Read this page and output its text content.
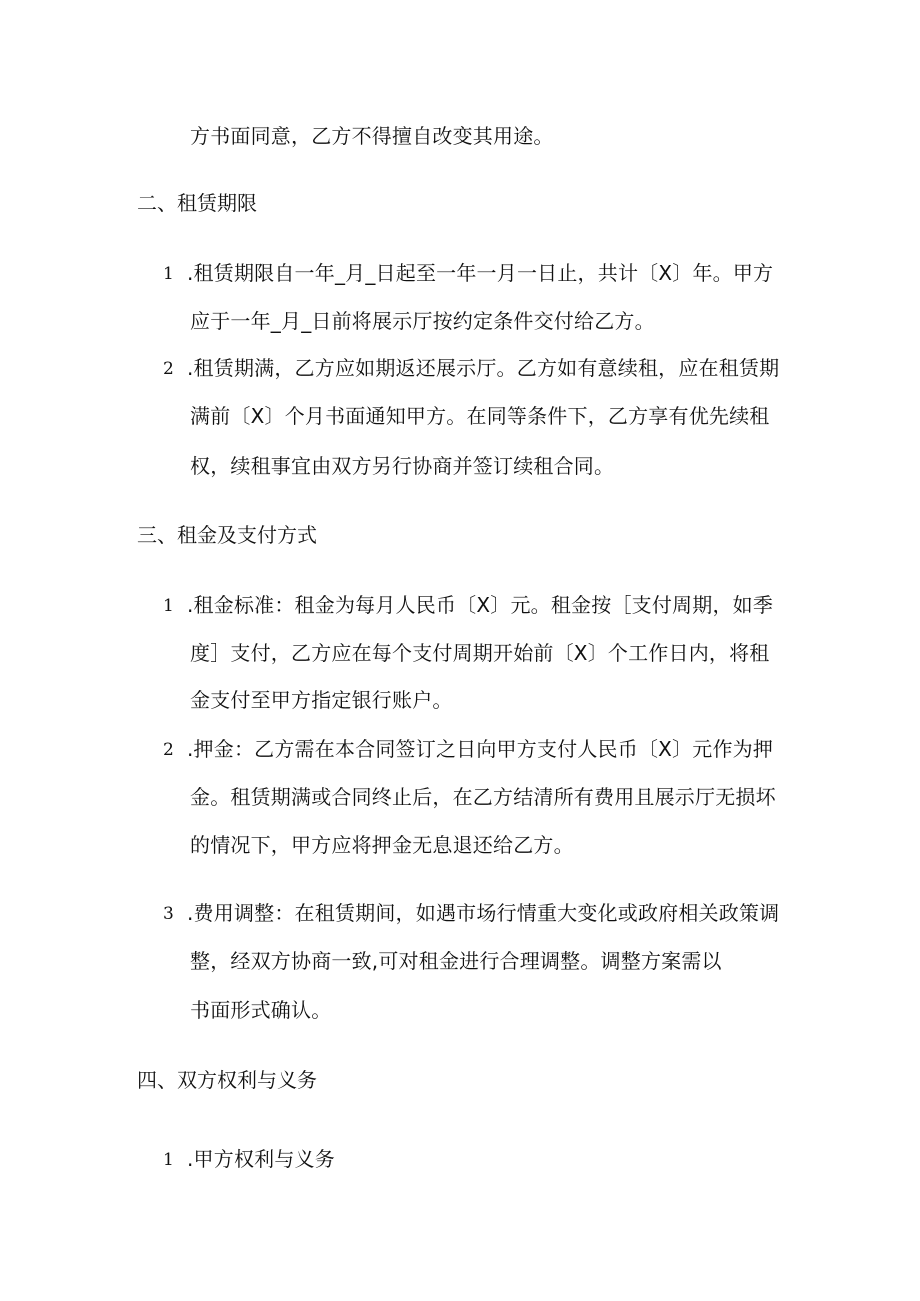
方书面同意，乙方不得擅自改变其用途。
二、租赁期限
1 .租赁期限自一年_月_日起至一年一月一日止，共计〔X〕年。甲方
应于一年_月_日前将展示厅按约定条件交付给乙方。
2 .租赁期满，乙方应如期返还展示厅。乙方如有意续租，应在租赁期
满前〔X〕个月书面通知甲方。在同等条件下，乙方享有优先续租
权，续租事宜由双方另行协商并签订续租合同。
三、租金及支付方式
1 .租金标准：租金为每月人民币〔X〕元。租金按［支付周期，如季
度］支付，乙方应在每个支付周期开始前〔X〕个工作日内，将租
金支付至甲方指定银行账户。
2 .押金：乙方需在本合同签订之日向甲方支付人民币〔X〕元作为押
金。租赁期满或合同终止后，在乙方结清所有费用且展示厅无损坏
的情况下，甲方应将押金无息退还给乙方。
3 .费用调整：在租赁期间，如遇市场行情重大变化或政府相关政策调
整，经双方协商一致,可对租金进行合理调整。调整方案需以
书面形式确认。
四、双方权利与义务
1 .甲方权利与义务
